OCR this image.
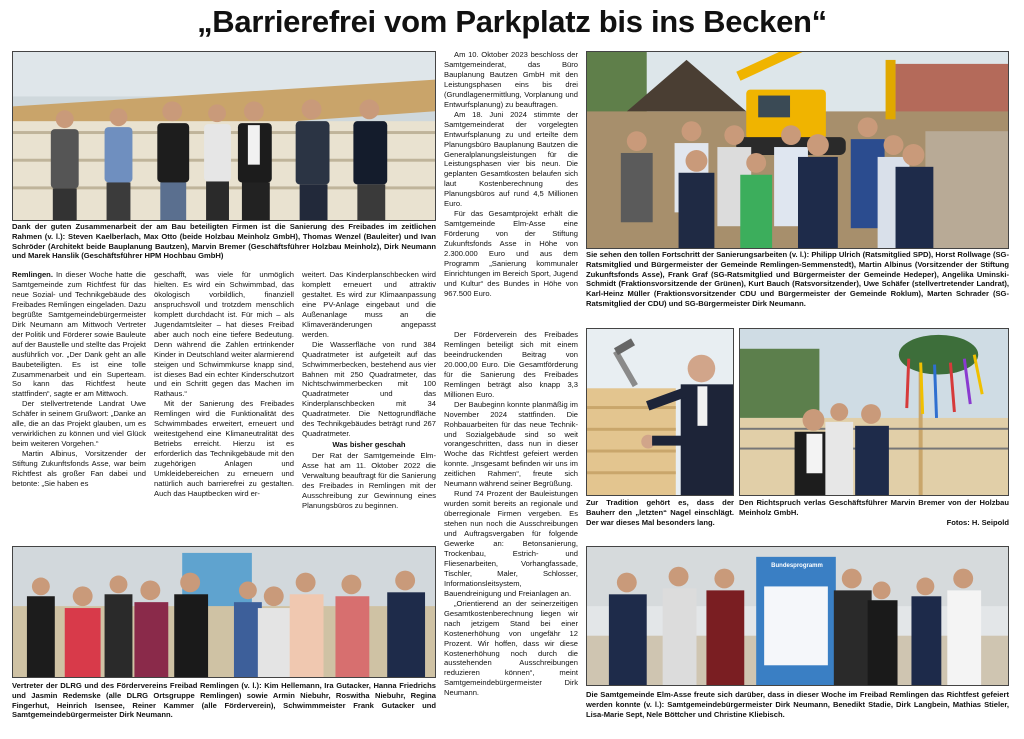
„Barrierefrei vom Parkplatz bis ins Becken“
Dank der guten Zusammenarbeit der am Bau beteiligten Firmen ist die Sanierung des Freibades im zeitlichen Rahmen (v. l.): Steven Kaelberlach, Max Otto (beide Holzbau Meinholz GmbH), Thomas Wenzel (Bauleiter) und Ivan Schröder (Architekt beide Bauplanung Bautzen), Marvin Bremer (Geschäftsführer Holzbau Meinholz), Dirk Neumann und Marek Hanslik (Geschäftsführer HPM Hochbau GmbH)	Sie sehen den tollen Fortschritt der Sanierungsarbeiten (v. l.): Philipp Ulrich (Ratsmitglied SPD), Horst Rollwage (SG-Ratsmitglied und Bürgermeister der Gemeinde Remlingen-Semmenstedt), Martin Albinus (Vorsitzender der Stiftung Zukunftsfonds Asse), Frank Graf (SG-Ratsmitglied und Bürgermeister der Gemeinde Hedeper), Angelika Uminski-Schmidt (Fraktionsvorsitzende der Grünen), Kurt Bauch (Ratsvorsitzender), Uwe Schäfer (stellvertretender Landrat), Karl-Heinz Müller (Fraktionsvorsitzender CDU und Bürgermeister der Gemeinde Roklum), Marten Schrader (SG-Ratsmitglied der CDU) und SG-Bürgermeister Dirk Neumann.

Remlingen. In dieser Woche hatte die Samtgemeinde zum Richtfest für das neue Sozial- und Technikgebäude des Freibades Remlingen eingeladen. Dazu begrüßte Samtgemeindebürgermeister Dirk Neumann am Mittwoch Vertreter der Politik und Förderer sowie Bauleute auf der Baustelle und stellte das Projekt ausführlich vor. „Der Dank geht an alle Baubeteiligten. Es ist eine tolle Zusammenarbeit und ein Superteam. So kann das Richtfest heute stattfinden“, sagte er am Mittwoch.

Der stellvertretende Landrat Uwe Schäfer in seinem Grußwort: „Danke an alle, die an das Projekt glauben, um es verwirklichen zu können und viel Glück beim weiteren Vorgehen.“

Martin Albinus, Vorsitzender der Stiftung Zukunftsfonds Asse, war beim Richtfest als großer Fan dabei und betonte: „Sie haben es

geschafft, was viele für unmöglich hielten. Es wird ein Schwimmbad, das ökologisch vorbildlich, finanziell anspruchsvoll und trotzdem menschlich komplett durchdacht ist. Für mich – als Jugendamtsleiter – hat dieses Freibad aber auch noch eine tiefere Bedeutung. Denn während die Zahlen ertrinkender Kinder in Deutschland weiter alarmierend steigen und Schwimmkurse knapp sind, ist dieses Bad ein echter Kinderschutzort und ein Schritt gegen das Machen im Rathaus.“

Mit der Sanierung des Freibades Remlingen wird die Funktionalität des Schwimmbades erweitert, erneuert und weitestgehend eine Klimaneutralität des Betriebs erreicht. Hierzu ist es erforderlich das Technikgebäude mit den zugehörigen Anlagen und Umkleidebereichen zu erneuern und natürlich auch barrierefrei zu gestalten. Auch das Hauptbecken wird er-

weitert. Das Kinderplanschbecken wird komplett erneuert und attraktiv gestaltet. Es wird zur Klimaanpassung eine PV-Anlage eingebaut und die Außenanlage muss an die Klimaveränderungen angepasst werden.

Die Wasserfläche von rund 384 Quadratmeter ist aufgeteilt auf das Schwimmerbecken, bestehend aus vier Bahnen mit 250 Quadratmeter, das Nichtschwimmerbecken mit 100 Quadratmeter und das Kinderplanschbecken mit 34 Quadratmeter. Die Nettogrundfläche des Technikgebäudes beträgt rund 267 Quadratmeter.

Was bisher geschah

Der Rat der Samtgemeinde Elm-Asse hat am 11. Oktober 2022 die Verwaltung beauftragt für die Sanierung des Freibades in Remlingen mit der Ausschreibung zur Gewinnung eines Planungsbüros zu beginnen.

Am 10. Oktober 2023 beschloss der Samtgemeinderat, das Büro Bauplanung Bautzen GmbH mit den Leistungsphasen eins bis drei (Grundlagenermittlung, Vorplanung und Entwurfsplanung) zu beauftragen.

Am 18. Juni 2024 stimmte der Samtgemeinderat der vorgelegten Entwurfsplanung zu und erteilte dem Planungsbüro Bauplanung Bautzen die Generalplanungsleistungen für die Leistungsphasen vier bis neun. Die geplanten Gesamtkosten belaufen sich laut Kostenberechnung des Planungsbüros auf rund 4,5 Millionen Euro.

Für das Gesamtprojekt erhält die Samtgemeinde Elm-Asse eine Förderung von der Stiftung Zukunftsfonds Asse in Höhe von 2.300.000 Euro und aus dem Programm „Sanierung kommunaler Einrichtungen im Bereich Sport, Jugend und Kultur“ des Bundes in Höhe von 967.500 Euro.

Der Förderverein des Freibades Remlingen beteiligt sich mit einem beeindruckenden Beitrag von 20.000,00 Euro. Die Gesamtförderung für die Sanierung des Freibades Remlingen beträgt also knapp 3,3 Millionen Euro.

Der Baubeginn konnte planmäßig im November 2024 stattfinden. Die Rohbauarbeiten für das neue Technik- und Sozialgebäude sind so weit vorangeschritten, dass nun in dieser Woche das Richtfest gefeiert werden konnte. „Insgesamt befinden wir uns im zeitlichen Rahmen“, freute sich Neumann während seiner Begrüßung.

Rund 74 Prozent der Bauleistungen wurden somit bereits an regionale und überregionale Firmen vergeben. Es stehen nun noch die Ausschreibungen und Auftragsvergaben für folgende Gewerke an: Betonsanierung, Trockenbau, Estrich- und Fliesenarbeiten, Vorhangfassade, Tischler, Maler, Schlosser, Informationsleitsystem, Bauendreinigung und Freianlagen an.

„Orientierend an der seinerzeitigen Gesamtkostenberechnung liegen wir nach jetzigem Stand bei einer Kostenerhöhung von ungefähr 12 Prozent. Wir hoffen, dass wir diese Kostenerhöhung noch durch die ausstehenden Ausschreibungen reduzieren können“, meint Samtgemeindebürgermeister Dirk Neumann.

Zur Tradition gehört es, dass der Bauherr den „letzten“ Nagel einschlägt. Der war dieses Mal besonders lang.
Den Richtspruch verlas Geschäftsführer Marvin Bremer von der Holzbau Meinholz GmbH.
Fotos: H. Seipold
Vertreter der DLRG und des Fördervereins Freibad Remlingen (v. l.): Kim Hellemann, Ira Gutacker, Hanna Friedrichs und Jasmin Redemske (alle DLRG Ortsgruppe Remlingen) sowie Armin Niebuhr, Roswitha Niebuhr, Regina Fingerhut, Heinrich Isensee, Reiner Kammer (alle Förderverein), Schwimmmeister Frank Gutacker und Samtgemeindebürgermeister Dirk Neumann.
Bundesprogramm
Die Samtgemeinde Elm-Asse freute sich darüber, dass in dieser Woche im Freibad Remlingen das Richtfest gefeiert werden konnte (v. l.): Samtgemeindebürgermeister Dirk Neumann, Benedikt Stadie, Dirk Langbein, Mathias Stieler, Lisa-Marie Sept, Nele Böttcher und Christine Kliebisch.
